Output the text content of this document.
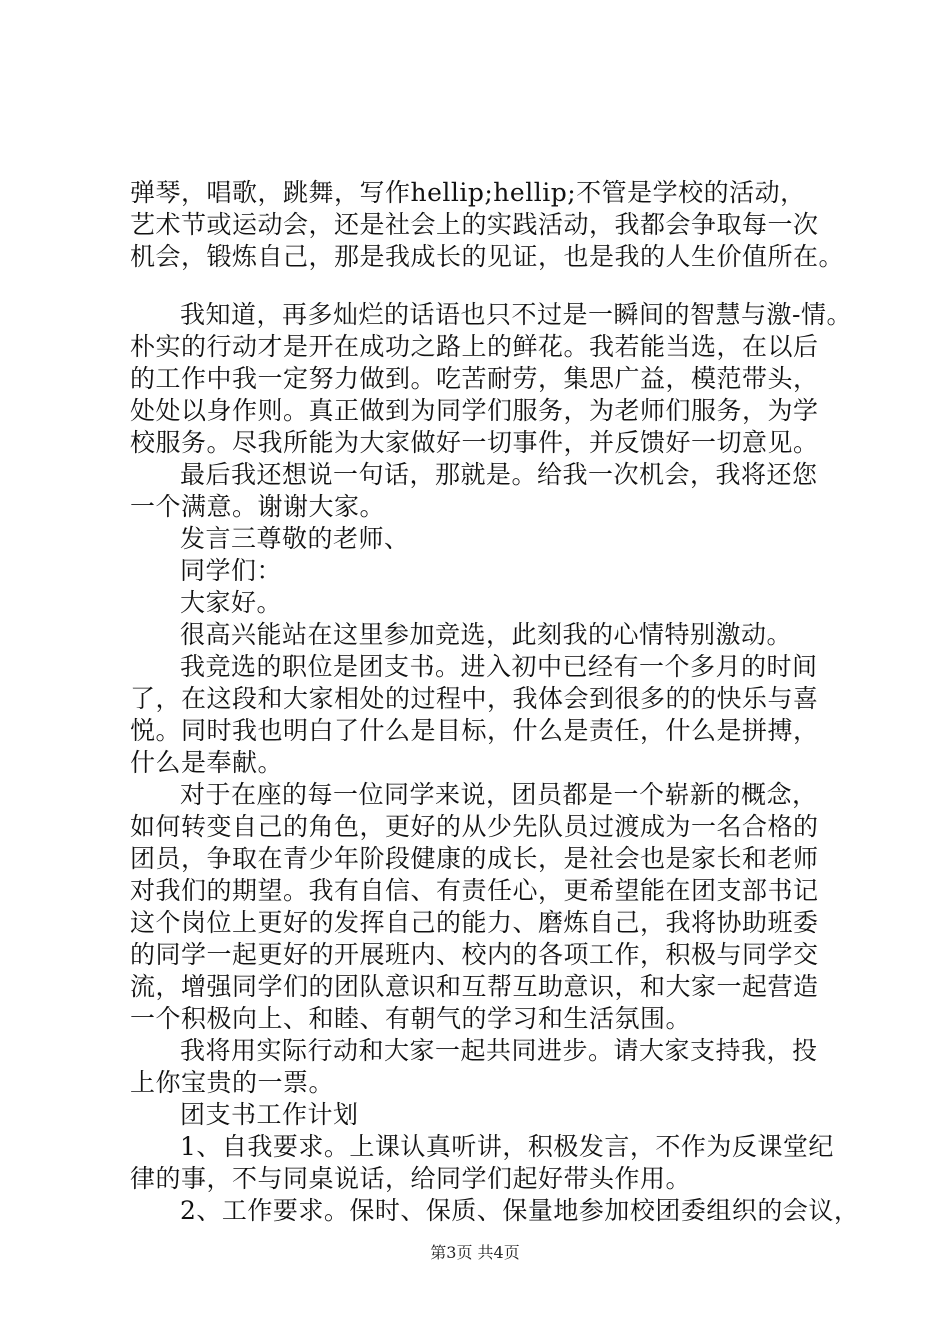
弹琴，唱歌，跳舞，写作hellip;hellip;不管是学校的活动，
艺术节或运动会，还是社会上的实践活动，我都会争取每一次
机会，锻炼自己，那是我成长的见证，也是我的人生价值所在。
我知道，再多灿烂的话语也只不过是一瞬间的智慧与激-情。
朴实的行动才是开在成功之路上的鲜花。我若能当选，在以后
的工作中我一定努力做到。吃苦耐劳，集思广益，模范带头，
处处以身作则。真正做到为同学们服务，为老师们服务，为学
校服务。尽我所能为大家做好一切事件，并反馈好一切意见。
最后我还想说一句话，那就是。给我一次机会，我将还您
一个满意。谢谢大家。
发言三尊敬的老师、
同学们：
大家好。
很高兴能站在这里参加竞选，此刻我的心情特别激动。
我竞选的职位是团支书。进入初中已经有一个多月的时间
了，在这段和大家相处的过程中，我体会到很多的的快乐与喜
悦。同时我也明白了什么是目标，什么是责任，什么是拼搏，
什么是奉献。
对于在座的每一位同学来说，团员都是一个崭新的概念，
如何转变自己的角色，更好的从少先队员过渡成为一名合格的
团员，争取在青少年阶段健康的成长，是社会也是家长和老师
对我们的期望。我有自信、有责任心，更希望能在团支部书记
这个岗位上更好的发挥自己的能力、磨炼自己，我将协助班委
的同学一起更好的开展班内、校内的各项工作，积极与同学交
流，增强同学们的团队意识和互帮互助意识，和大家一起营造
一个积极向上、和睦、有朝气的学习和生活氛围。
我将用实际行动和大家一起共同进步。请大家支持我，投
上你宝贵的一票。
团支书工作计划
1、自我要求。上课认真听讲，积极发言，不作为反课堂纪
律的事，不与同桌说话，给同学们起好带头作用。
2、工作要求。保时、保质、保量地参加校团委组织的会议，
第3页 共4页
